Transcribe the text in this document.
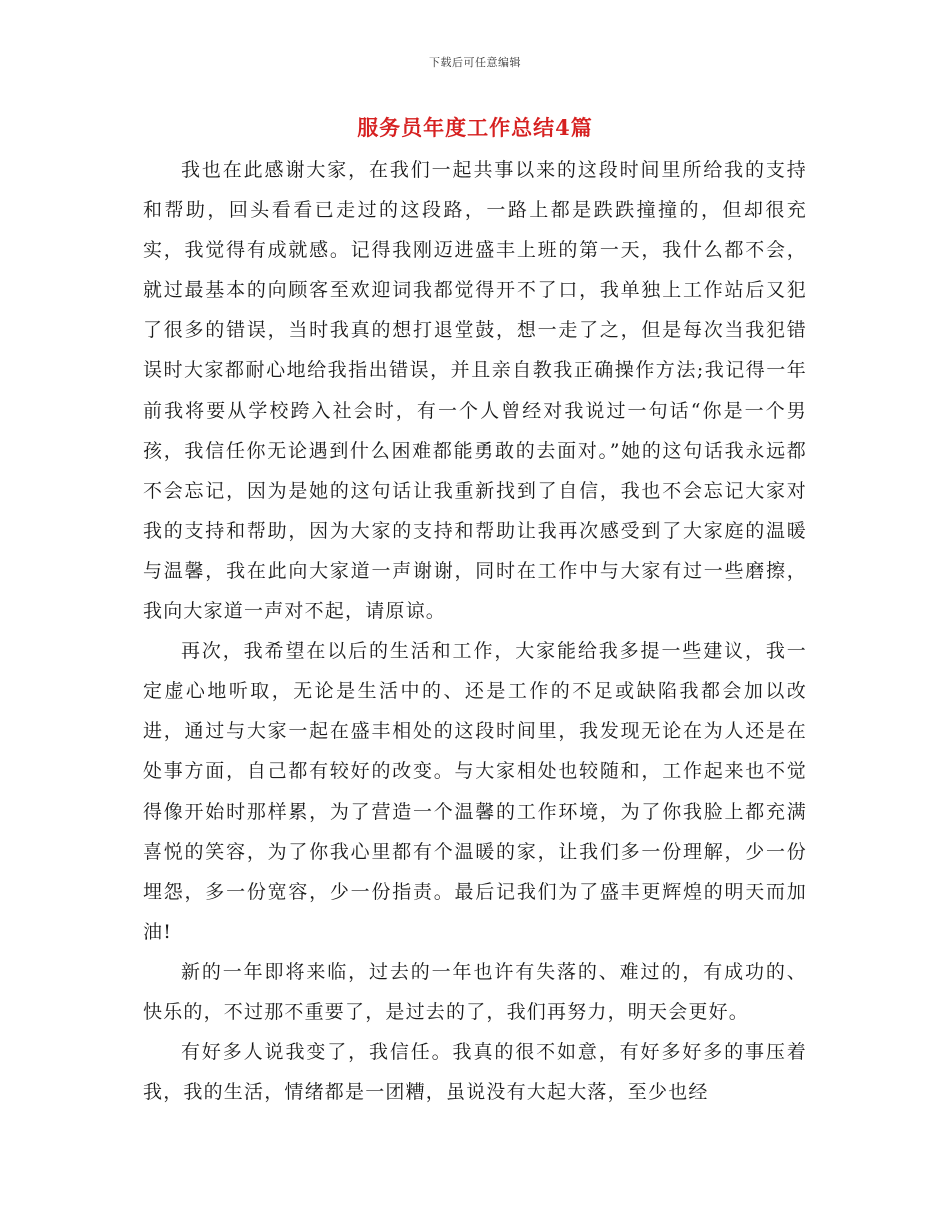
下载后可任意编辑
服务员年度工作总结4篇

我也在此感谢大家，在我们一起共事以来的这段时间里所给我的支持和帮助，回头看看已走过的这段路，一路上都是跌跌撞撞的，但却很充实，我觉得有成就感。记得我刚迈进盛丰上班的第一天，我什么都不会，就过最基本的向顾客至欢迎词我都觉得开不了口，我单独上工作站后又犯了很多的错误，当时我真的想打退堂鼓，想一走了之，但是每次当我犯错误时大家都耐心地给我指出错误，并且亲自教我正确操作方法;我记得一年前我将要从学校跨入社会时，有一个人曾经对我说过一句话“你是一个男孩，我信任你无论遇到什么困难都能勇敢的去面对。”她的这句话我永远都不会忘记，因为是她的这句话让我重新找到了自信，我也不会忘记大家对我的支持和帮助，因为大家的支持和帮助让我再次感受到了大家庭的温暖与温馨，我在此向大家道一声谢谢，同时在工作中与大家有过一些磨擦，我向大家道一声对不起，请原谅。

再次，我希望在以后的生活和工作，大家能给我多提一些建议，我一定虚心地听取，无论是生活中的、还是工作的不足或缺陷我都会加以改进，通过与大家一起在盛丰相处的这段时间里，我发现无论在为人还是在处事方面，自己都有较好的改变。与大家相处也较随和，工作起来也不觉得像开始时那样累，为了营造一个温馨的工作环境，为了你我脸上都充满喜悦的笑容，为了你我心里都有个温暖的家，让我们多一份理解，少一份埋怨，多一份宽容，少一份指责。最后记我们为了盛丰更辉煌的明天而加油!

新的一年即将来临，过去的一年也许有失落的、难过的，有成功的、快乐的，不过那不重要了，是过去的了，我们再努力，明天会更好。

有好多人说我变了，我信任。我真的很不如意，有好多好多的事压着我，我的生活，情绪都是一团糟，虽说没有大起大落，至少也经
